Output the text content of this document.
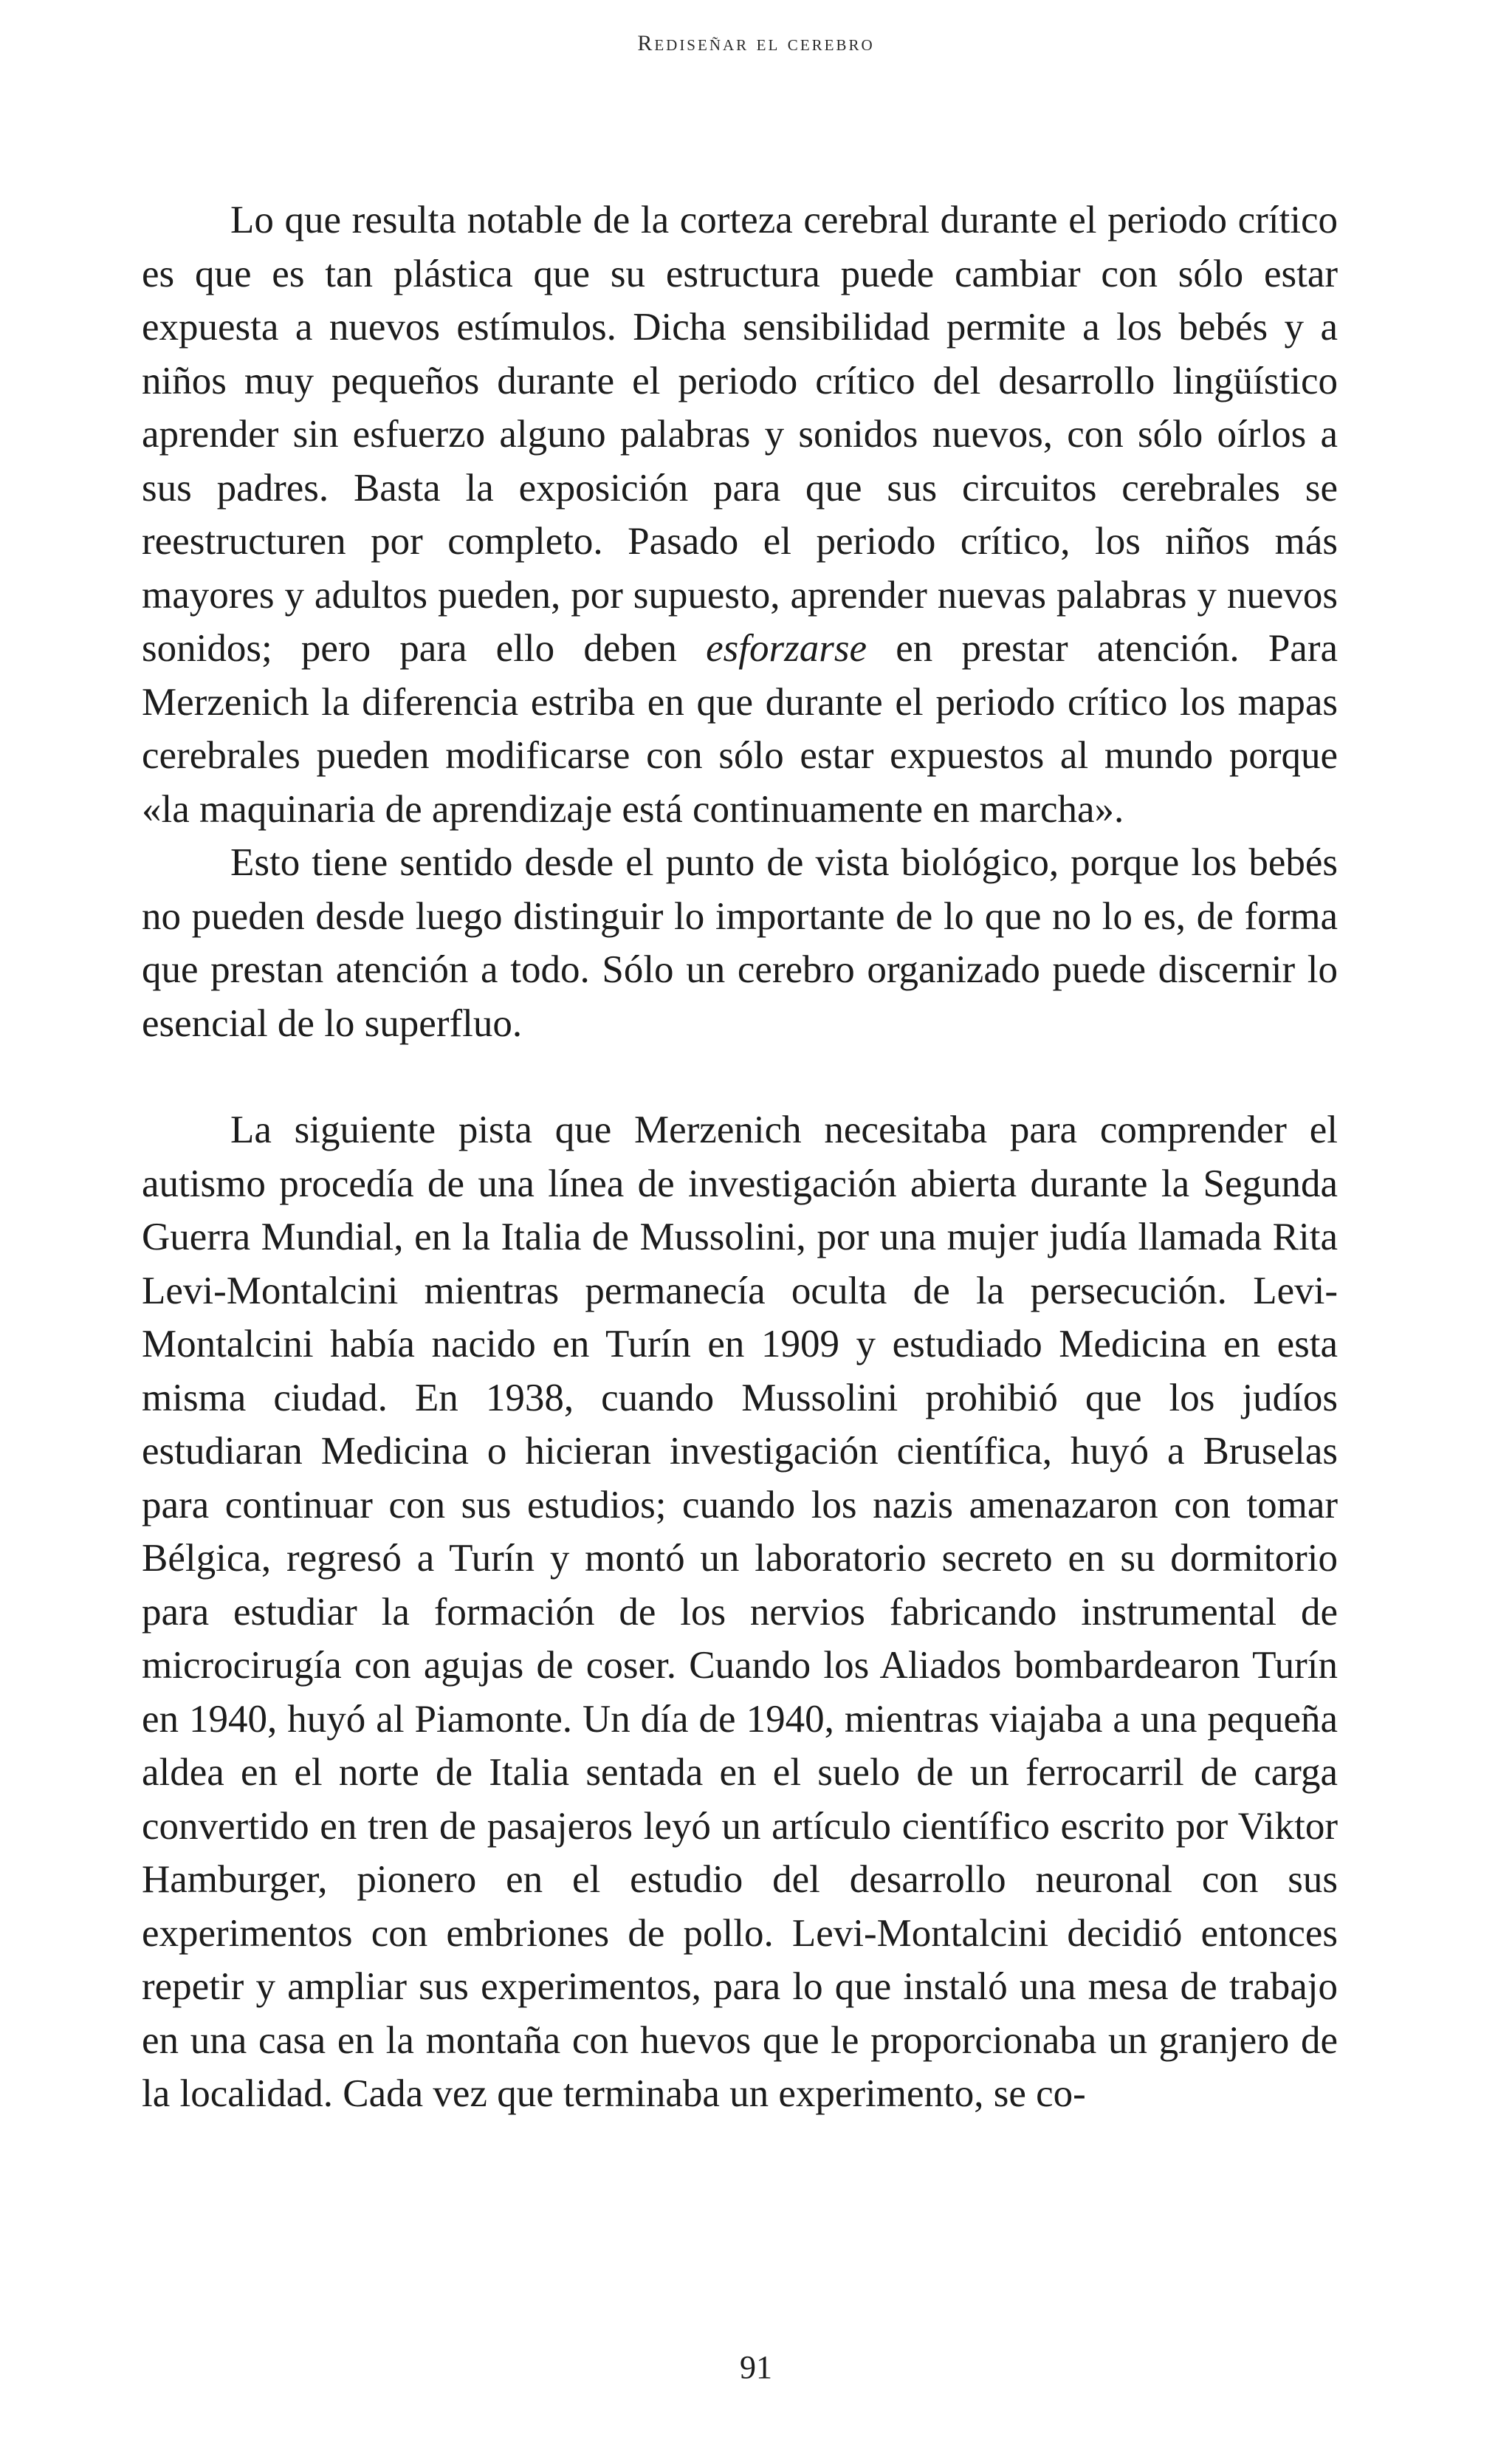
Rediseñar el cerebro

Lo que resulta notable de la corteza cerebral durante el periodo crítico es que es tan plástica que su estructura puede cambiar con sólo estar expuesta a nuevos estímulos. Dicha sensibilidad permite a los bebés y a niños muy pequeños durante el periodo crítico del desarrollo lingüístico aprender sin esfuerzo alguno palabras y sonidos nuevos, con sólo oírlos a sus padres. Basta la exposición para que sus circuitos cerebrales se reestructuren por completo. Pasado el periodo crítico, los niños más mayores y adultos pueden, por supuesto, aprender nuevas palabras y nuevos sonidos; pero para ello deben esforzarse en prestar atención. Para Merzenich la diferencia estriba en que durante el periodo crítico los mapas cerebrales pueden modificarse con sólo estar expuestos al mundo porque «la maquinaria de aprendizaje está continuamente en marcha».

Esto tiene sentido desde el punto de vista biológico, porque los bebés no pueden desde luego distinguir lo importante de lo que no lo es, de forma que prestan atención a todo. Sólo un cerebro organizado puede discernir lo esencial de lo superfluo.

La siguiente pista que Merzenich necesitaba para comprender el autismo procedía de una línea de investigación abierta durante la Segunda Guerra Mundial, en la Italia de Mussolini, por una mujer judía llamada Rita Levi-Montalcini mientras permanecía oculta de la persecución. Levi-Montalcini había nacido en Turín en 1909 y estudiado Medicina en esta misma ciudad. En 1938, cuando Mussolini prohibió que los judíos estudiaran Medicina o hicieran investigación científica, huyó a Bruselas para continuar con sus estudios; cuando los nazis amenazaron con tomar Bélgica, regresó a Turín y montó un laboratorio secreto en su dormitorio para estudiar la formación de los nervios fabricando instrumental de microcirugía con agujas de coser. Cuando los Aliados bombardearon Turín en 1940, huyó al Piamonte. Un día de 1940, mientras viajaba a una pequeña aldea en el norte de Italia sentada en el suelo de un ferrocarril de carga convertido en tren de pasajeros leyó un artículo científico escrito por Viktor Hamburger, pionero en el estudio del desarrollo neuronal con sus experimentos con embriones de pollo. Levi-Montalcini decidió entonces repetir y ampliar sus experimentos, para lo que instaló una mesa de trabajo en una casa en la montaña con huevos que le proporcionaba un granjero de la localidad. Cada vez que terminaba un experimento, se co-

91
